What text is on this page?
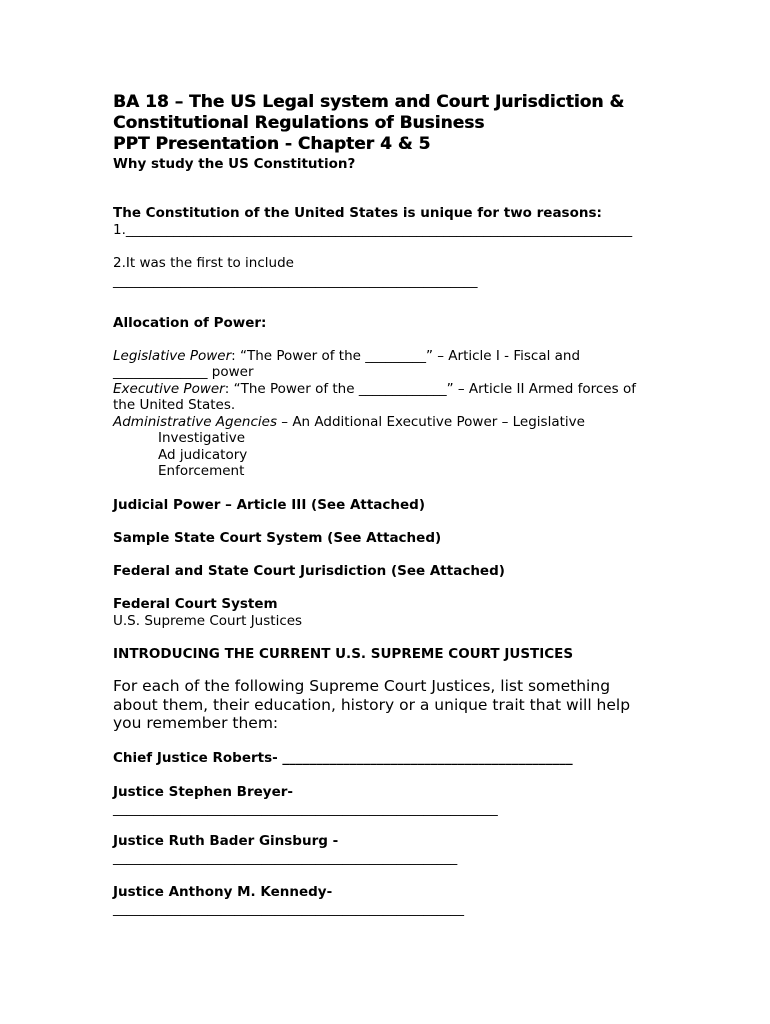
BA 18 – The US Legal system and Court Jurisdiction &
Constitutional Regulations of Business
PPT Presentation - Chapter 4 & 5
Why study the US Constitution?
The Constitution of the United States is unique for two reasons:
1.___________________________________________________________________________
2.It was the first to include
______________________________________________________
Allocation of Power:
Legislative Power: “The Power of the _________” – Article I - Fiscal and
______________ power
Executive Power: “The Power of the _____________” – Article II Armed forces of
the United States.
Administrative Agencies – An Additional Executive Power – Legislative
Investigative
Ad judicatory
Enforcement
Judicial Power – Article III (See Attached)
Sample State Court System (See Attached)
Federal and State Court Jurisdiction (See Attached)
Federal Court System
U.S. Supreme Court Justices
INTRODUCING THE CURRENT U.S. SUPREME COURT JUSTICES
For each of the following Supreme Court Justices, list something about them, their education, history or a unique trait that will help you remember them:
Chief Justice Roberts- ___________________________________________
Justice Stephen Breyer-
_________________________________________________________
Justice Ruth Bader Ginsburg -
___________________________________________________
Justice Anthony M. Kennedy-
____________________________________________________
